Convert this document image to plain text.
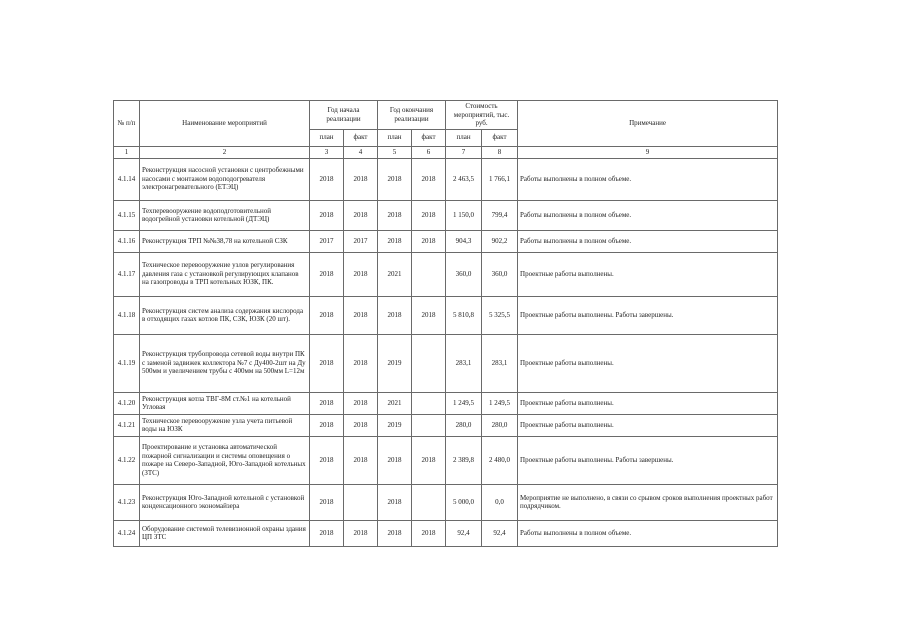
№ п/п	Наименование мероприятий	Год начала реализации		Год окончания реализации		Стоимость мероприятий, тыс. руб.		Примечание
		план	факт	план	факт	план	факт	
1	2	3	4	5	6	7	8	9
4.1.14	Реконструкция насосной установки с центробежными насосами с монтажом водоподогревателя электронагревательного (ЕТЭЦ)	2018	2018	2018	2018	2 463,5	1 766,1	Работы выполнены в полном объеме.
4.1.15	Техперевооружение водоподготовительной водогрейной установки котельной (ДТЭЦ)	2018	2018	2018	2018	1 150,0	799,4	Работы выполнены в полном объеме.
4.1.16	Реконструкция ТРП №№38,78 на котельной СЗК	2017	2017	2018	2018	904,3	902,2	Работы выполнены в полном объеме.
4.1.17	Техническое перевооружение узлов регулирования давления газа с установкой регулирующих клапанов на газопроводы в ТРП котельных ЮЗК, ПК.	2018	2018	2021		360,0	360,0	Проектные работы выполнены.
4.1.18	Реконструкция систем анализа содержания кислорода в отходящих газах котлов ПК, СЗК, ЮЗК (20 шт).	2018	2018	2018	2018	5 810,8	5 325,5	Проектные работы выполнены. Работы завершены.
4.1.19	Реконструкция трубопровода сетевой воды внутри ПК с заменой задвижек коллектора №7 с Ду400-2шт на Ду 500мм и увеличением трубы с 400мм на 500мм L=12м	2018	2018	2019		283,1	283,1	Проектные работы выполнены.
4.1.20	Реконструкция котла ТВГ-8М ст.№1 на котельной Угловая	2018	2018	2021		1 249,5	1 249,5	Проектные работы выполнены.
4.1.21	Техническое перевооружение узла учета питьевой воды на ЮЗК	2018	2018	2019		280,0	280,0	Проектные работы выполнены.
4.1.22	Проектирование и установка автоматической пожарной сигнализации и системы оповещения о пожаре на Северо-Западной, Юго-Западной котельных (ЗТС)	2018	2018	2018	2018	2 389,8	2 480,0	Проектные работы выполнены. Работы завершены.
4.1.23	Реконструкция Юго-Западной котельной с установкой конденсационного экономайзера	2018		2018		5 000,0	0,0	Мероприятие не выполнено, в связи со срывом сроков выполнения проектных работ подрядчиком.
4.1.24	Оборудование системой телевизионной охраны здания ЦП ЗТС	2018	2018	2018	2018	92,4	92,4	Работы выполнены в полном объеме.
